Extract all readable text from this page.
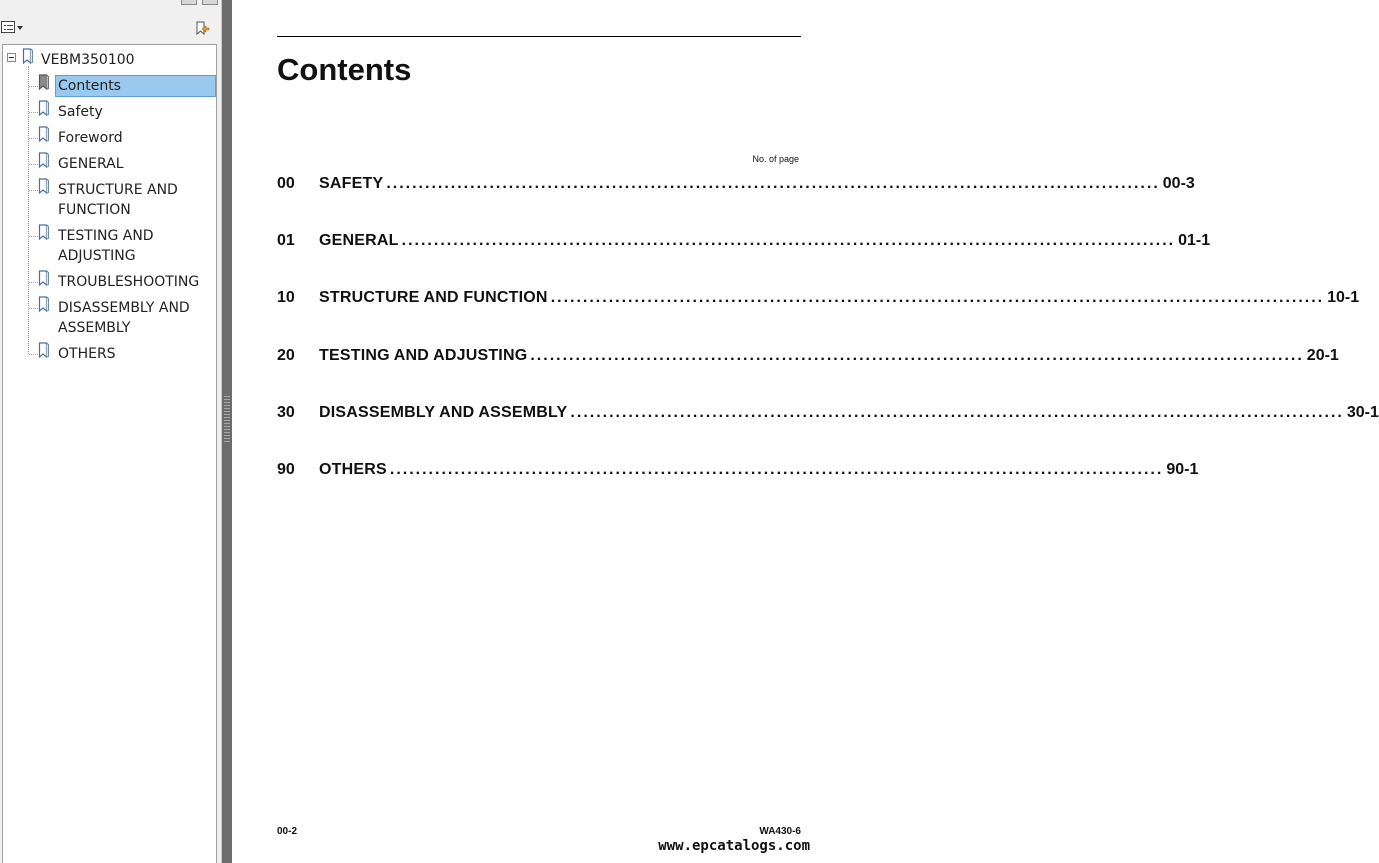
VEBM350100
Contents
Safety
Foreword
GENERAL
STRUCTURE AND
FUNCTION
TESTING AND
ADJUSTING
TROUBLESHOOTING
DISASSEMBLY AND
ASSEMBLY
OTHERS
Contents
No. of page
00-2	WA430-6
00	SAFETY ........................................................................................................................ 00-3
01	GENERAL ........................................................................................................................ 01-1
10	STRUCTURE AND FUNCTION ........................................................................................................................ 10-1
20	TESTING AND ADJUSTING ........................................................................................................................ 20-1
30	DISASSEMBLY AND ASSEMBLY ........................................................................................................................ 30-1
90	OTHERS ........................................................................................................................ 90-1
www.epcatalogs.com
